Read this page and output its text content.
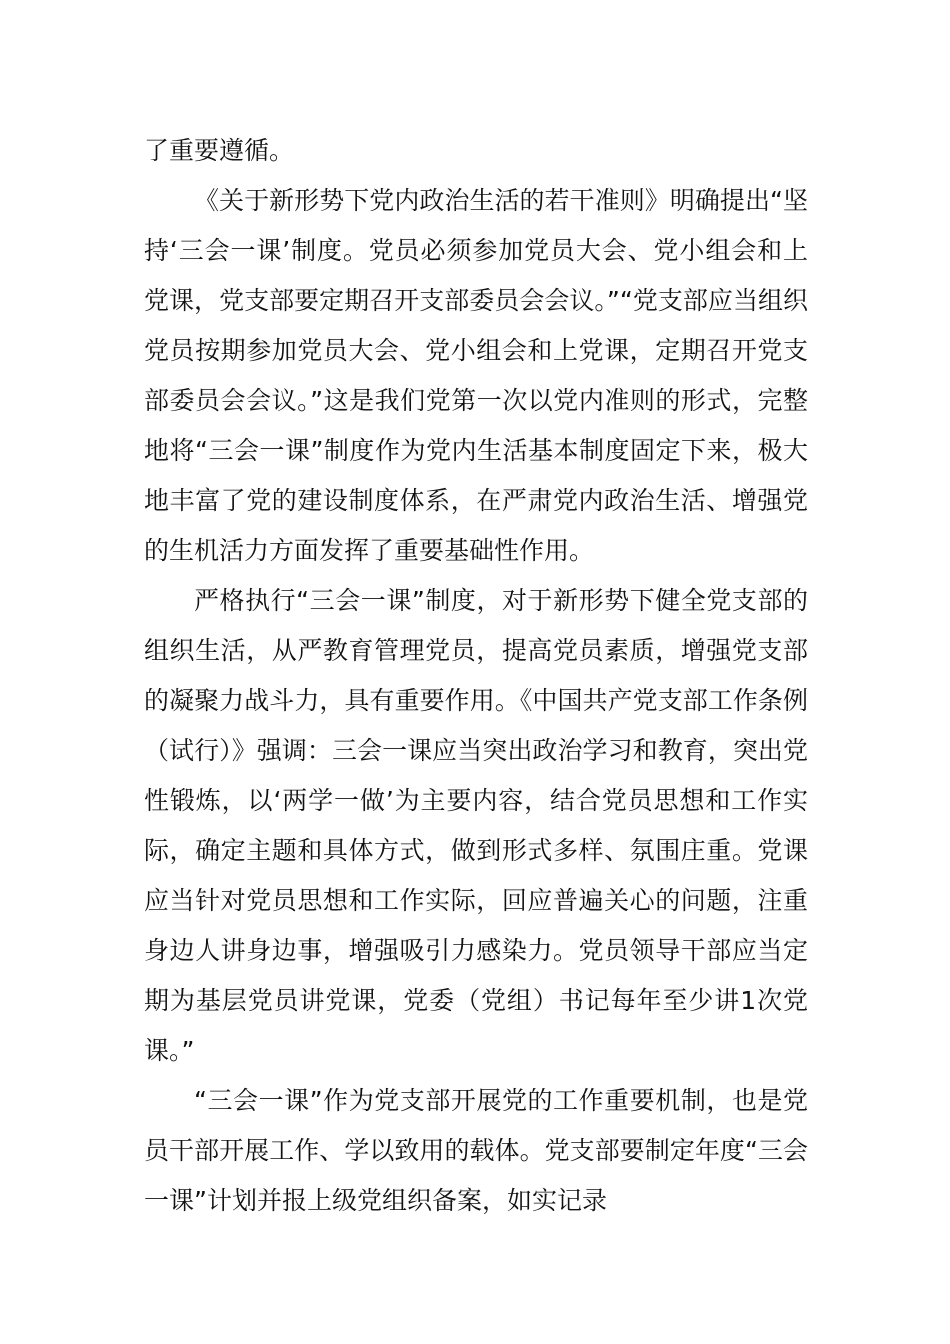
了重要遵循。

《关于新形势下党内政治生活的若干准则》明确提出“坚持‘三会一课’制度。党员必须参加党员大会、党小组会和上党课，党支部要定期召开支部委员会会议。”“党支部应当组织党员按期参加党员大会、党小组会和上党课，定期召开党支部委员会会议。”这是我们党第一次以党内准则的形式，完整地将“三会一课”制度作为党内生活基本制度固定下来，极大地丰富了党的建设制度体系，在严肃党内政治生活、增强党的生机活力方面发挥了重要基础性作用。

严格执行“三会一课”制度，对于新形势下健全党支部的组织生活，从严教育管理党员，提高党员素质，增强党支部的凝聚力战斗力，具有重要作用。《中国共产党支部工作条例（试行）》强调：三会一课应当突出政治学习和教育，突出党性锻炼，以‘两学一做’为主要内容，结合党员思想和工作实际，确定主题和具体方式，做到形式多样、氛围庄重。党课应当针对党员思想和工作实际，回应普遍关心的问题，注重身边人讲身边事，增强吸引力感染力。党员领导干部应当定期为基层党员讲党课，党委（党组）书记每年至少讲1次党课。”

“三会一课”作为党支部开展党的工作重要机制，也是党员干部开展工作、学以致用的载体。党支部要制定年度“三会一课”计划并报上级党组织备案，如实记录
